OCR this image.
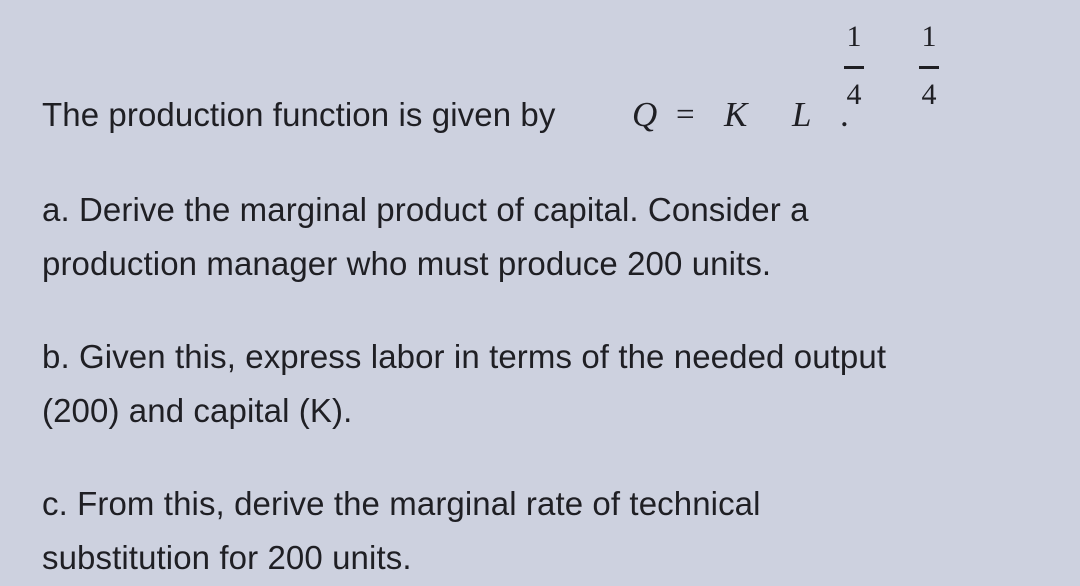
The production function is given by Q = K L .
1
4
1
4
a. Derive the marginal product of capital. Consider a
production manager who must produce 200 units.
b. Given this, express labor in terms of the needed output
(200) and capital (K).
c. From this, derive the marginal rate of technical
substitution for 200 units.
